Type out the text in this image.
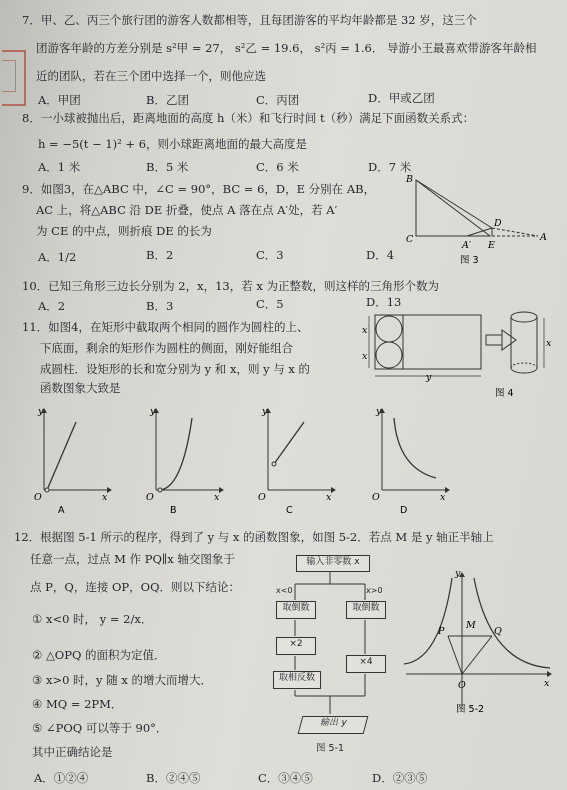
7．甲、乙、丙三个旅行团的游客人数都相等，且每团游客的平均年龄都是 32 岁，这三个
团游客年龄的方差分别是 s²甲 = 27， s²乙 = 19.6， s²丙 = 1.6． 导游小王最喜欢带游客年龄相
近的团队，若在三个团中选择一个，则他应选
A．甲团	B．乙团	C．丙团	D．甲或乙团
8．一小球被抛出后，距离地面的高度 h（米）和飞行时间 t（秒）满足下面函数关系式：
h = −5(t − 1)² + 6，则小球距离地面的最大高度是
A．1 米	B．5 米	C．6 米	D．7 米
9．如图3，在△ABC 中，∠C = 90°，BC = 6，D，E 分别在 AB，
AC 上，将△ABC 沿 DE 折叠，使点 A 落在点 A′处，若 A′
为 CE 的中点，则折痕 DE 的长为
A．1/2	B．2	C．3	D．4
B
D
C
A′ E
A
图 3
10．已知三角形三边长分别为 2，x，13，若 x 为正整数，则这样的三角形个数为
A．2	B．3	C．5	D．13
11．如图4，在矩形中截取两个相同的圆作为圆柱的上、
下底面，剩余的矩形作为圆柱的侧面，刚好能组合
成圆柱．设矩形的长和宽分别为 y 和 x，则 y 与 x 的
函数图象大致是
x
x
y
x
图 4
y
O	x
A
y
O	x
B
y
O	x
C
y
O	x
D
12．根据图 5-1 所示的程序，得到了 y 与 x 的函数图象，如图 5-2．若点 M 是 y 轴正半轴上
任意一点，过点 M 作 PQ∥x 轴交图象于
点 P，Q，连接 OP，OQ．则以下结论：
① x<0 时， y = 2/x．
② △OPQ 的面积为定值．
③ x>0 时，y 随 x 的增大而增大．
④ MQ = 2PM．
⑤ ∠POQ 可以等于 90°．
其中正确结论是
A．①②④	B．②④⑤	C．③④⑤	D．②③⑤
输入非零数 x
x<0	x>0
取倒数	取倒数
×2
×4
取相反数
输出 y
图 5-1
y
x
P
M
Q
O
图 5-2
